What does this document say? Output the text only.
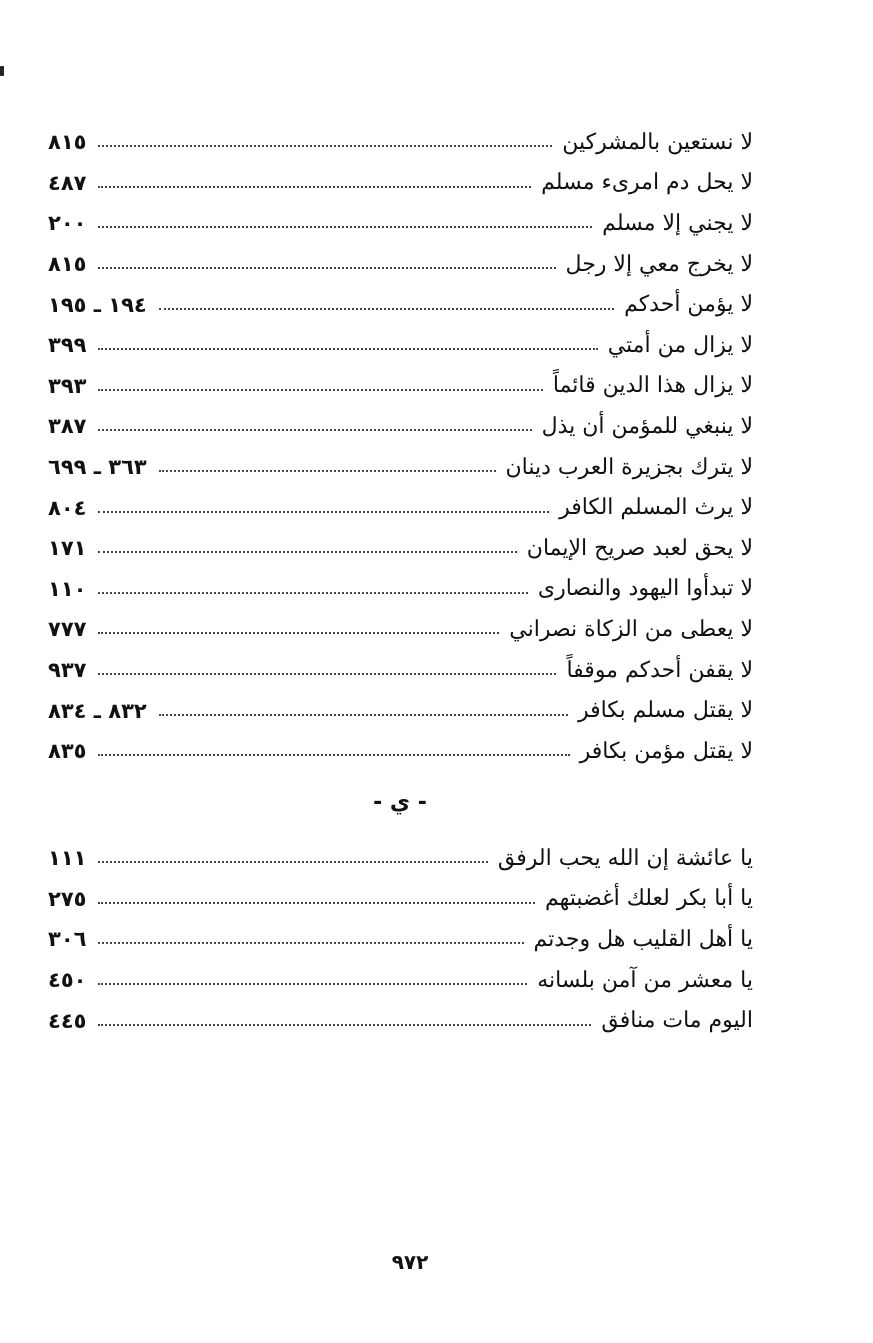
٨١٥	لا نستعين بالمشركين
٤٨٧	لا يحل دم امرىء مسلم
٢٠٠	لا يجني إلا مسلم
٨١٥	لا يخرج معي إلا رجل
١٩٤ ـ ١٩٥	لا يؤمن أحدكم
٣٩٩	لا يزال من أمتي
٣٩٣	لا يزال هذا الدين قائماً
٣٨٧	لا ينبغي للمؤمن أن يذل
٣٦٣ ـ ٦٩٩	لا يترك بجزيرة العرب دينان
٨٠٤	لا يرث المسلم الكافر
١٧١	لا يحق لعبد صريح الإيمان
١١٠	لا تبدأوا اليهود والنصارى
٧٧٧	لا يعطى من الزكاة نصراني
٩٣٧	لا يقفن أحدكم موقفاً
٨٣٢ ـ ٨٣٤	لا يقتل مسلم بكافر
٨٣٥	لا يقتل مؤمن بكافر
- ي -
١١١	يا عائشة إن الله يحب الرفق
٢٧٥	يا أبا بكر لعلك أغضبتهم
٣٠٦	يا أهل القليب هل وجدتم
٤٥٠	يا معشر من آمن بلسانه
٤٤٥	اليوم مات منافق
٩٧٢
